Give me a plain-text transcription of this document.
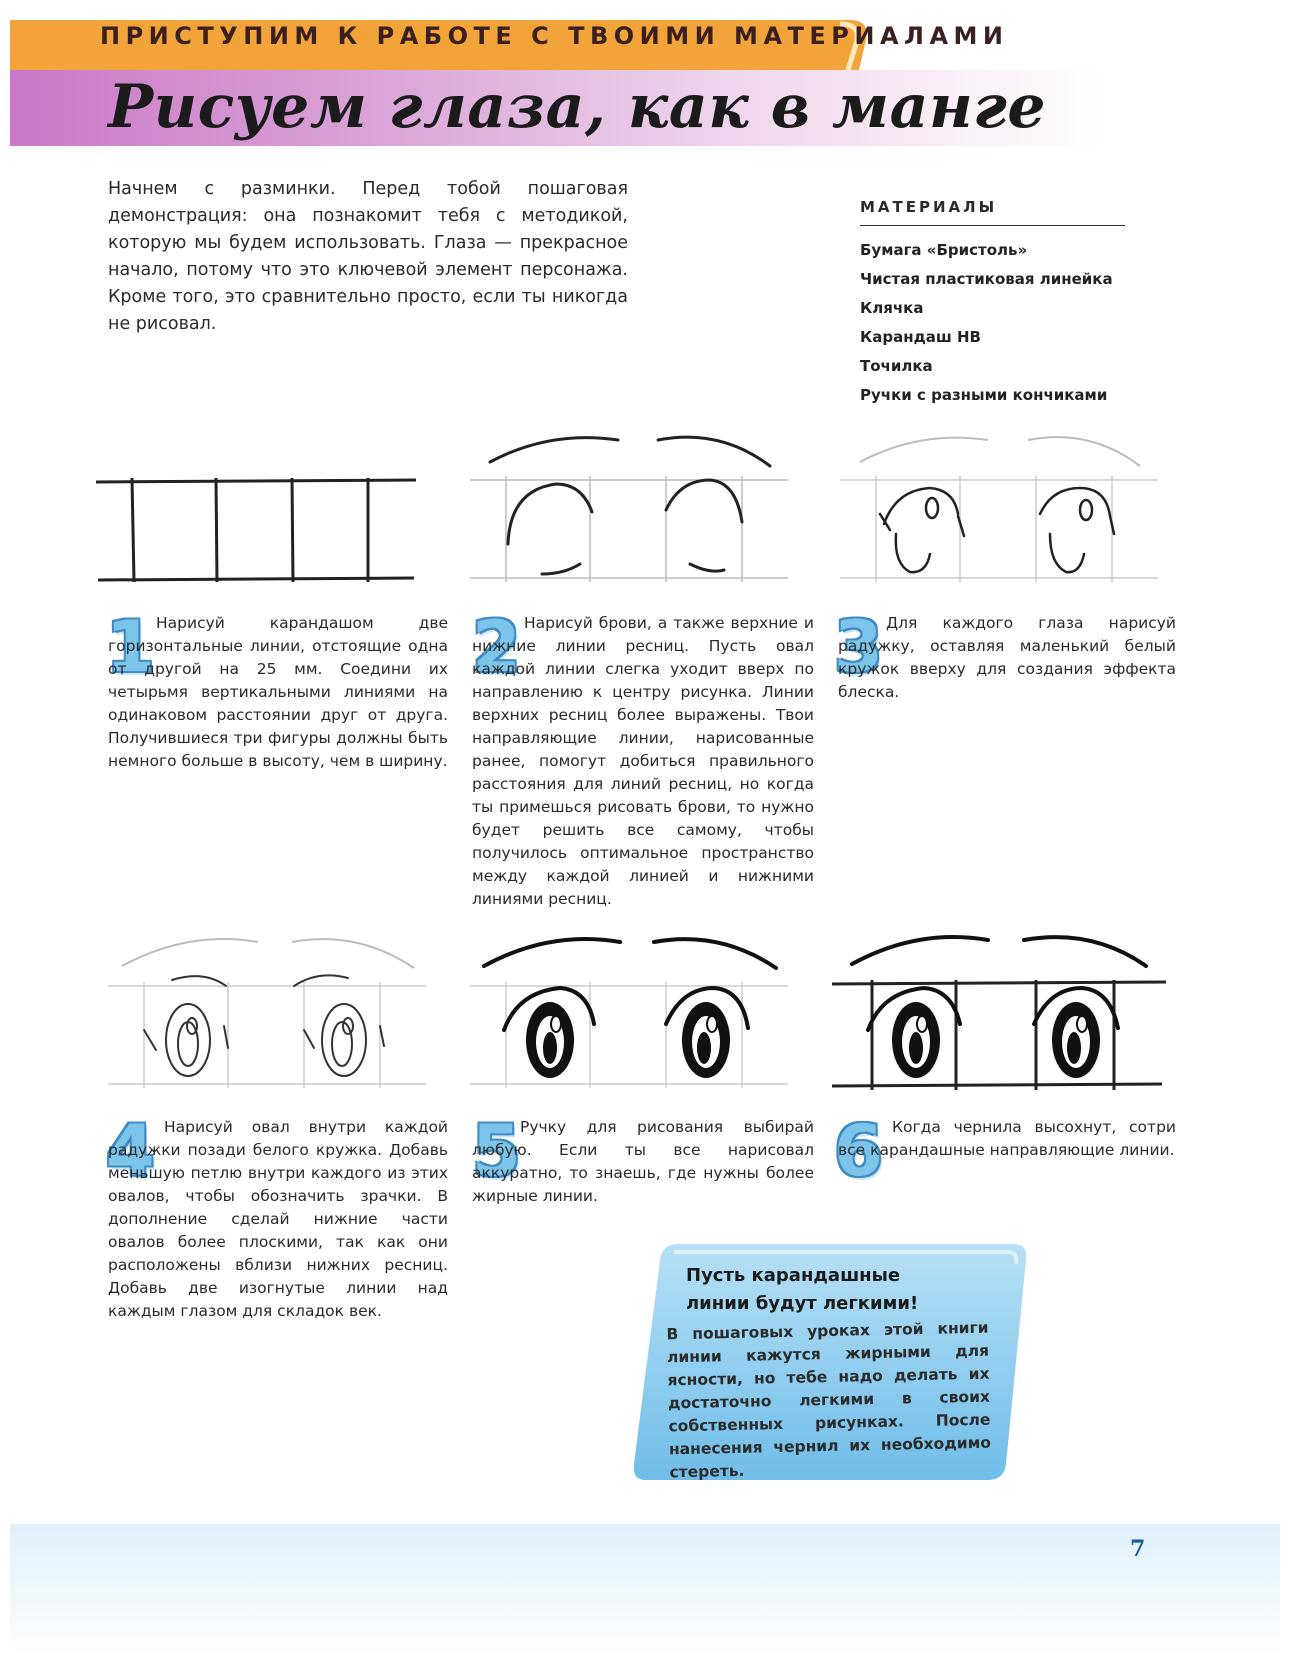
ПРИСТУПИМ К РАБОТЕ С ТВОИМИ МАТЕРИАЛАМИ
Рисуем глаза, как в манге
Начнем с разминки. Перед тобой пошаговая демонстрация: она познакомит тебя с методикой, которую мы будем использовать. Глаза — прекрасное начало, потому что это ключевой элемент персонажа. Кроме того, это сравнительно просто, если ты никогда не рисовал.
МАТЕРИАЛЫ
Бумага «Бристоль»
Чистая пластиковая линейка
Клячка
Карандаш HB
Точилка
Ручки с разными кончиками
1 Нарисуй карандашом две горизонтальные линии, отстоящие одна от другой на 25 мм. Соедини их четырьмя вертикальными линиями на одинаковом расстоянии друг от друга. Получившиеся три фигуры должны быть немного больше в высоту, чем в ширину.
2 Нарисуй брови, а также верхние и нижние линии ресниц. Пусть овал каждой линии слегка уходит вверх по направлению к центру рисунка. Линии верхних ресниц более выражены. Твои направляющие линии, нарисованные ранее, помогут добиться правильного расстояния для линий ресниц, но когда ты примешься рисовать брови, то нужно будет решить все самому, чтобы получилось оптимальное пространство между каждой линией и нижними линиями ресниц.
3 Для каждого глаза нарисуй радужку, оставляя маленький белый кружок вверху для создания эффекта блеска.
4 Нарисуй овал внутри каждой радужки позади белого кружка. Добавь меньшую петлю внутри каждого из этих овалов, чтобы обозначить зрачки. В дополнение сделай нижние части овалов более плоскими, так как они расположены вблизи нижних ресниц. Добавь две изогнутые линии над каждым глазом для складок век.
5 Ручку для рисования выбирай любую. Если ты все нарисовал аккуратно, то знаешь, где нужны более жирные линии.
6 Когда чернила высохнут, сотри все карандашные направляющие линии.
Пусть карандашные линии будут легкими!
В пошаговых уроках этой книги линии кажутся жирными для ясности, но тебе надо делать их достаточно легкими в своих собственных рисунках. После нанесения чернил их необходимо стереть.
7
